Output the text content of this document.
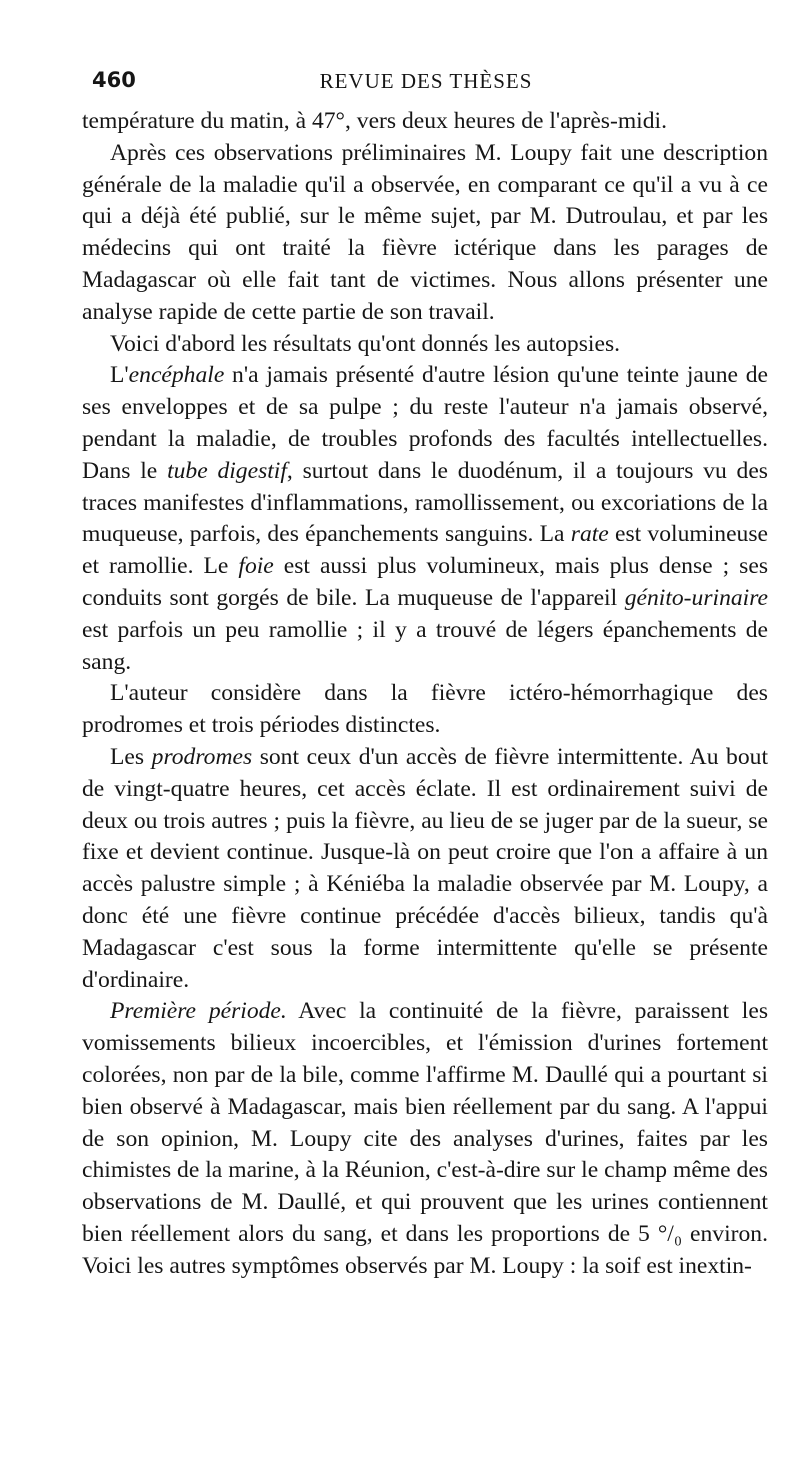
460	REVUE DES THÈSES

température du matin, à 47°, vers deux heures de l'après-midi.

Après ces observations préliminaires M. Loupy fait une description générale de la maladie qu'il a observée, en comparant ce qu'il a vu à ce qui a déjà été publié, sur le même sujet, par M. Dutroulau, et par les médecins qui ont traité la fièvre ictérique dans les parages de Madagascar où elle fait tant de victimes. Nous allons présenter une analyse rapide de cette partie de son travail.

Voici d'abord les résultats qu'ont donnés les autopsies.

L'encéphale n'a jamais présenté d'autre lésion qu'une teinte jaune de ses enveloppes et de sa pulpe ; du reste l'auteur n'a jamais observé, pendant la maladie, de troubles profonds des facultés intellectuelles. Dans le tube digestif, surtout dans le duodénum, il a toujours vu des traces manifestes d'inflammations, ramollissement, ou excoriations de la muqueuse, parfois, des épanchements sanguins. La rate est volumineuse et ramollie. Le foie est aussi plus volumineux, mais plus dense ; ses conduits sont gorgés de bile. La muqueuse de l'appareil génito-urinaire est parfois un peu ramollie ; il y a trouvé de légers épanchements de sang.

L'auteur considère dans la fièvre ictéro-hémorrhagique des prodromes et trois périodes distinctes.

Les prodromes sont ceux d'un accès de fièvre intermittente. Au bout de vingt-quatre heures, cet accès éclate. Il est ordinairement suivi de deux ou trois autres ; puis la fièvre, au lieu de se juger par de la sueur, se fixe et devient continue. Jusque-là on peut croire que l'on a affaire à un accès palustre simple ; à Kéniéba la maladie observée par M. Loupy, a donc été une fièvre continue précédée d'accès bilieux, tandis qu'à Madagascar c'est sous la forme intermittente qu'elle se présente d'ordinaire.

Première période. Avec la continuité de la fièvre, paraissent les vomissements bilieux incoercibles, et l'émission d'urines fortement colorées, non par de la bile, comme l'affirme M. Daullé qui a pourtant si bien observé à Madagascar, mais bien réellement par du sang. A l'appui de son opinion, M. Loupy cite des analyses d'urines, faites par les chimistes de la marine, à la Réunion, c'est-à-dire sur le champ même des observations de M. Daullé, et qui prouvent que les urines contiennent bien réellement alors du sang, et dans les proportions de 5 °/₀ environ. Voici les autres symptômes observés par M. Loupy : la soif est inextin-
